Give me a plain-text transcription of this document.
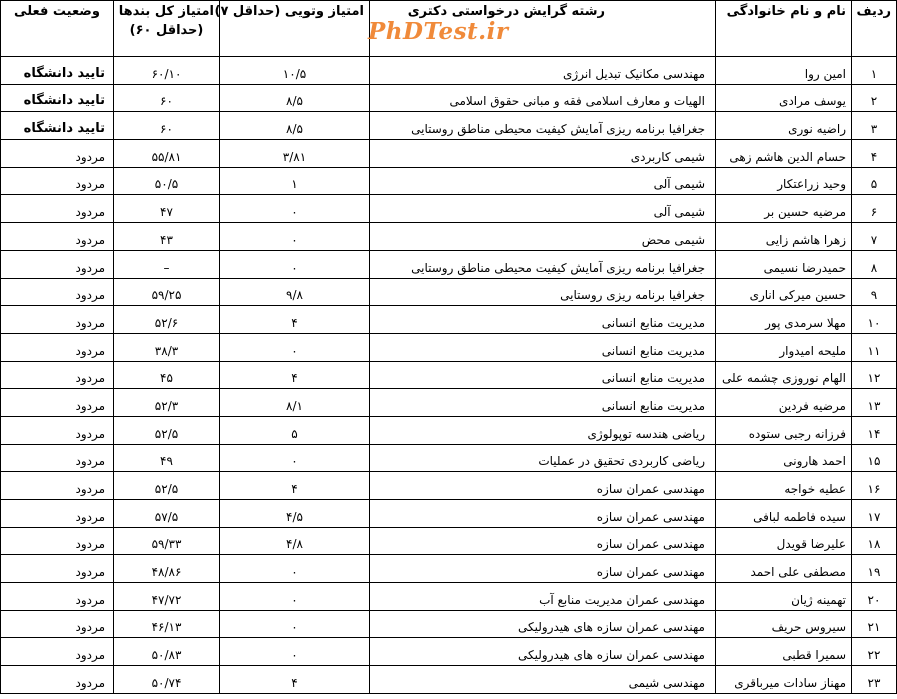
ردیف	نام و نام خانوادگی	رشته گرایش درخواستی دکتری	امتیاز وتویی (حداقل ۷)	امتیاز کل بندها
(حداقل ۶۰)	وضعیت فعلی
۱	امین روا	مهندسی مکانیک تبدیل انرژی	۱۰/۵	۶۰/۱۰	تایید دانشگاه
۲	یوسف مرادی	الهیات و معارف اسلامی فقه و مبانی حقوق اسلامی	۸/۵	۶۰	تایید دانشگاه
۳	راضیه نوری	جغرافیا برنامه ریزی آمایش کیفیت محیطی مناطق روستایی	۸/۵	۶۰	تایید دانشگاه
۴	حسام الدین هاشم زهی	شیمی کاربردی	۳/۸۱	۵۵/۸۱	مردود
۵	وحید زراعتکار	شیمی آلی	۱	۵۰/۵	مردود
۶	مرضیه حسین بر	شیمی آلی	۰	۴۷	مردود
۷	زهرا هاشم زایی	شیمی محض	۰	۴۳	مردود
۸	حمیدرضا نسیمی	جغرافیا برنامه ریزی آمایش کیفیت محیطی مناطق روستایی	۰	–	مردود
۹	حسین میرکی اناری	جغرافیا برنامه ریزی روستایی	۹/۸	۵۹/۲۵	مردود
۱۰	مهلا سرمدی پور	مدیریت منابع انسانی	۴	۵۲/۶	مردود
۱۱	ملیحه امیدوار	مدیریت منابع انسانی	۰	۳۸/۳	مردود
۱۲	الهام نوروزی چشمه علی	مدیریت منابع انسانی	۴	۴۵	مردود
۱۳	مرضیه فردین	مدیریت منابع انسانی	۸/۱	۵۲/۳	مردود
۱۴	فرزانه رجبی ستوده	ریاضی هندسه توپولوژی	۵	۵۲/۵	مردود
۱۵	احمد هارونی	ریاضی کاربردی تحقیق در عملیات	۰	۴۹	مردود
۱۶	عطیه خواجه	مهندسی عمران سازه	۴	۵۲/۵	مردود
۱۷	سیده فاطمه لبافی	مهندسی عمران سازه	۴/۵	۵۷/۵	مردود
۱۸	علیرضا قویدل	مهندسی عمران سازه	۴/۸	۵۹/۳۳	مردود
۱۹	مصطفی علی احمد	مهندسی عمران سازه	۰	۴۸/۸۶	مردود
۲۰	تهمینه ژیان	مهندسی عمران مدیریت منابع آب	۰	۴۷/۷۲	مردود
۲۱	سیروس حریف	مهندسی عمران سازه های هیدرولیکی	۰	۴۶/۱۳	مردود
۲۲	سمیرا قطبی	مهندسی عمران سازه های هیدرولیکی	۰	۵۰/۸۳	مردود
۲۳	مهناز سادات میرباقری	مهندسی شیمی	۴	۵۰/۷۴	مردود
PhDTest.ir
